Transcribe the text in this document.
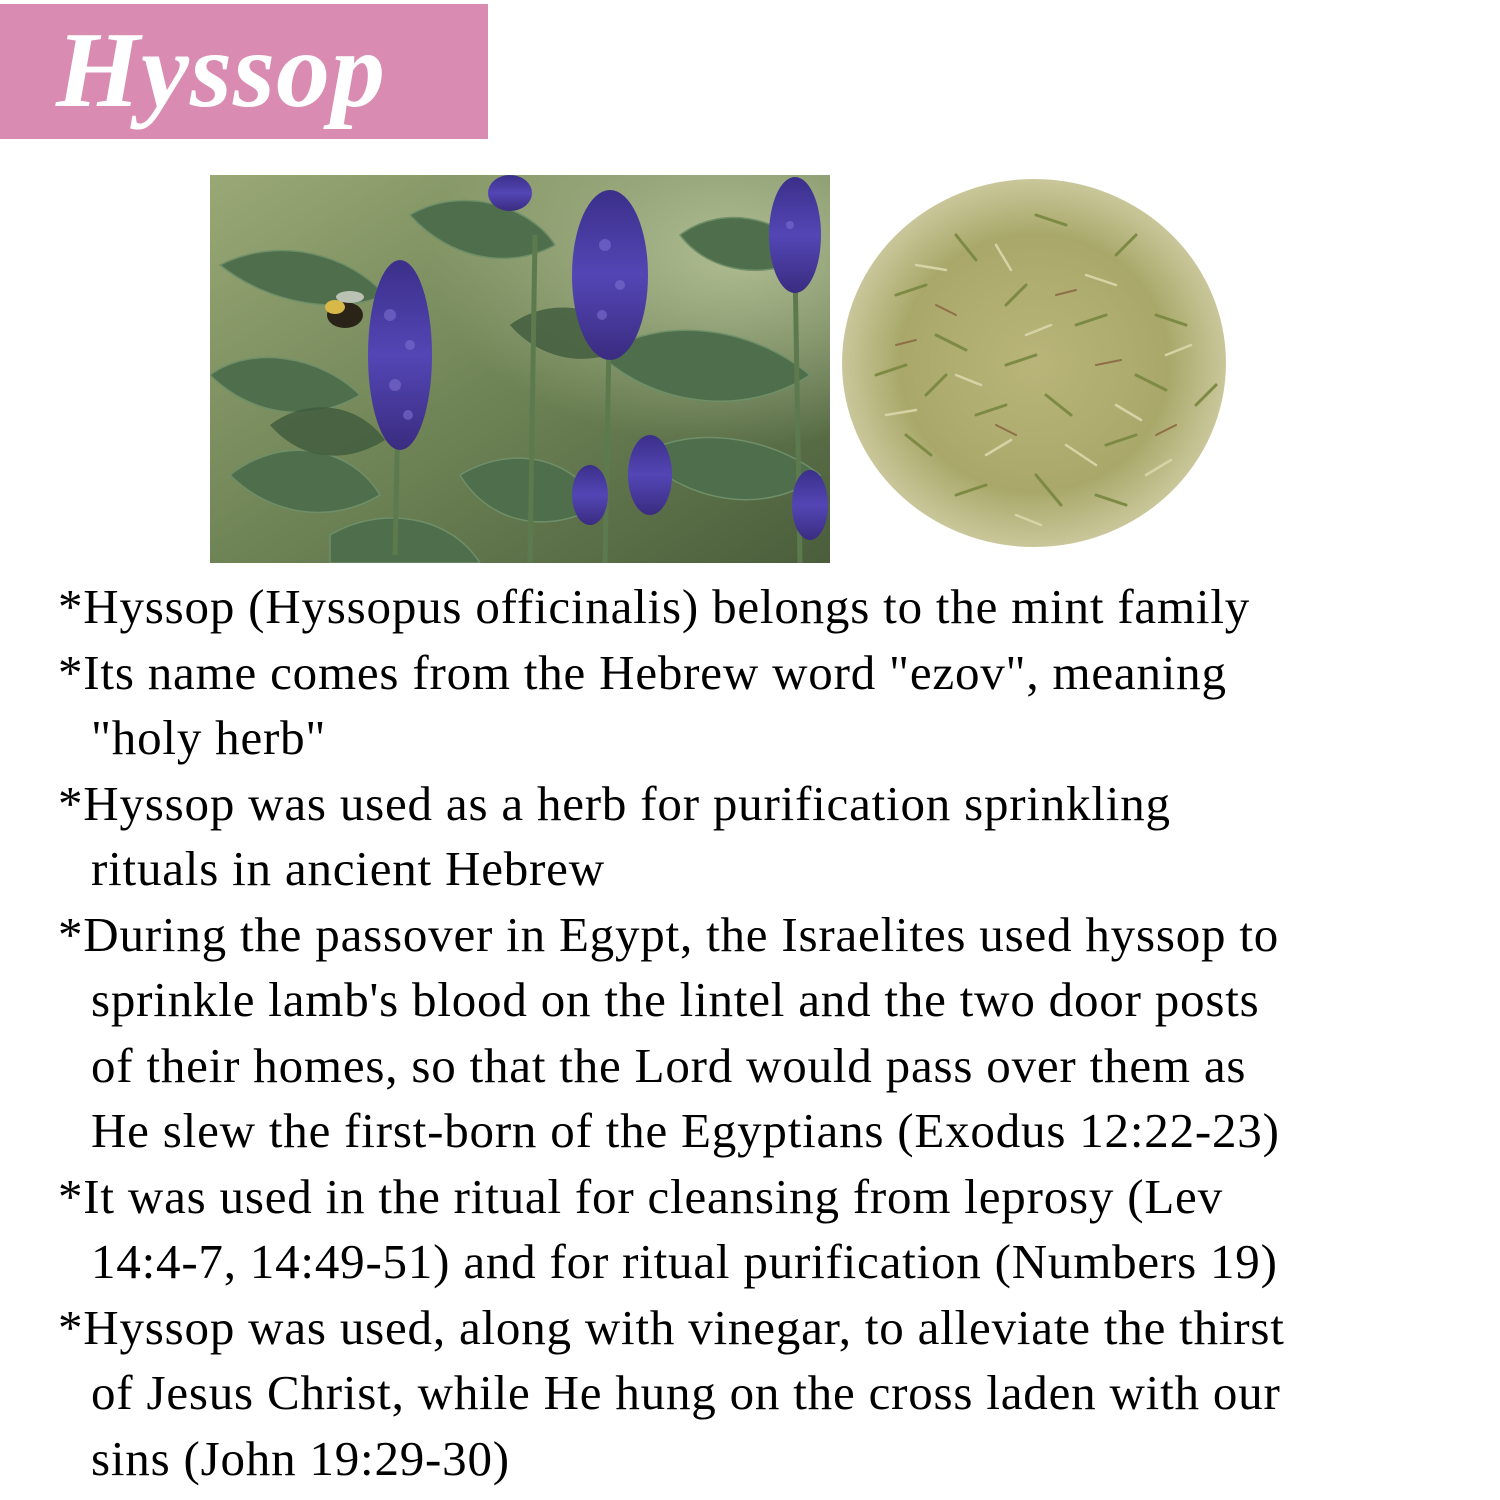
Hyssop
*Hyssop (Hyssopus officinalis) belongs to the mint family
*Its name comes from the Hebrew word "ezov", meaning
"holy herb"
*Hyssop was used as a herb for purification sprinkling
rituals in ancient Hebrew
*During the passover in Egypt, the Israelites used hyssop to
sprinkle lamb's blood on the lintel and the two door posts
of their homes, so that the Lord would pass over them as
He slew the first-born of the Egyptians (Exodus 12:22-23)
*It was used in the ritual for cleansing from leprosy (Lev
14:4-7, 14:49-51) and for ritual purification (Numbers 19)
*Hyssop was used, along with vinegar, to alleviate the thirst
of Jesus Christ, while He hung on the cross laden with our
sins (John 19:29-30)
